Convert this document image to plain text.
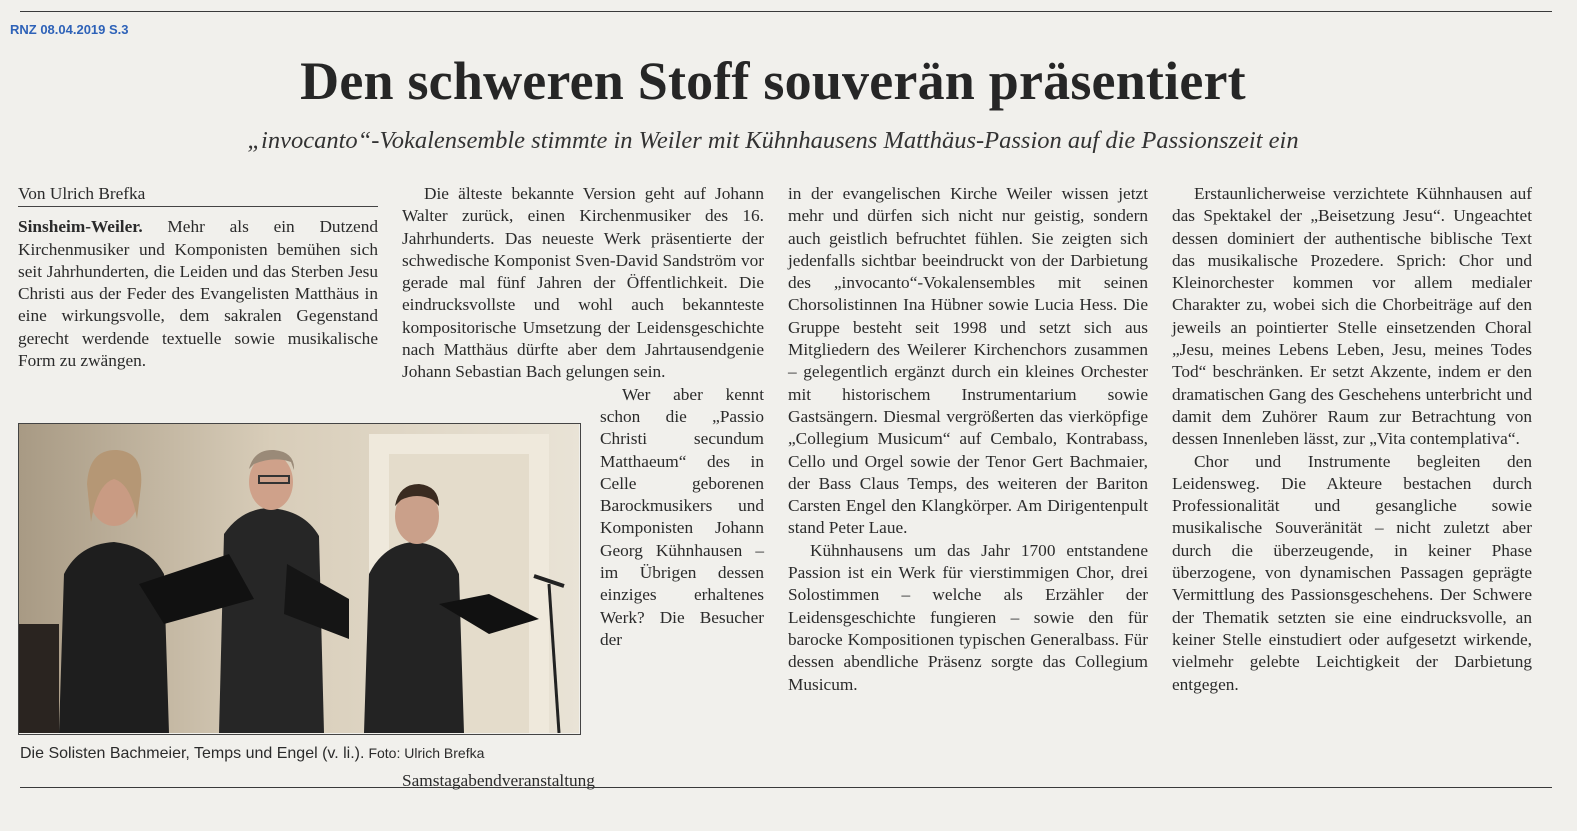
RNZ 08.04.2019 S.3
Den schweren Stoff souverän präsentiert
„invocanto“-Vokalensemble stimmte in Weiler mit Kühnhausens Matthäus-Passion auf die Passionszeit ein
Von Ulrich Brefka

Sinsheim-Weiler. Mehr als ein Dutzend Kirchenmusiker und Komponisten bemühen sich seit Jahrhunderten, die Leiden und das Sterben Jesu Christi aus der Feder des Evangelisten Matthäus in eine wirkungsvolle, dem sakralen Gegenstand gerecht werdende textuelle sowie musikalische Form zu zwängen.

Die älteste bekannte Version geht auf Johann Walter zurück, einen Kirchenmusiker des 16. Jahrhunderts. Das neueste Werk präsentierte der schwedische Komponist Sven-David Sandström vor gerade mal fünf Jahren der Öffentlichkeit. Die eindrucksvollste und wohl auch bekannteste kompositorische Umsetzung der Leidensgeschichte nach Matthäus dürfte aber dem Jahrtausendgenie Johann Sebastian Bach gelungen sein.

Wer aber kennt schon die „Passio Christi secundum Matthaeum“ des in Celle geborenen Barockmusikers und Komponisten Johann Georg Kühnhausen – im Übrigen dessen einziges erhaltenes Werk? Die Besucher der Samstagabendveranstaltung

in der evangelischen Kirche Weiler wissen jetzt mehr und dürfen sich nicht nur geistig, sondern auch geistlich befruchtet fühlen. Sie zeigten sich jedenfalls sichtbar beeindruckt von der Darbietung des „invocanto“-Vokalensembles mit seinen Chorsolistinnen Ina Hübner sowie Lucia Hess. Die Gruppe besteht seit 1998 und setzt sich aus Mitgliedern des Weilerer Kirchenchors zusammen – gelegentlich ergänzt durch ein kleines Orchester mit historischem Instrumentarium sowie Gastsängern. Diesmal vergrößerten das vierköpfige „Collegium Musicum“ auf Cembalo, Kontrabass, Cello und Orgel sowie der Tenor Gert Bachmaier, der Bass Claus Temps, des weiteren der Bariton Carsten Engel den Klangkörper. Am Dirigentenpult stand Peter Laue.

Kühnhausens um das Jahr 1700 entstandene Passion ist ein Werk für vierstimmigen Chor, drei Solostimmen – welche als Erzähler der Leidensgeschichte fungieren – sowie den für barocke Kompositionen typischen Generalbass. Für dessen abendliche Präsenz sorgte das Collegium Musicum.

Erstaunlicherweise verzichtete Kühnhausen auf das Spektakel der „Beisetzung Jesu“. Ungeachtet dessen dominiert der authentische biblische Text das musikalische Prozedere. Sprich: Chor und Kleinorchester kommen vor allem medialer Charakter zu, wobei sich die Chorbeiträge auf den jeweils an pointierter Stelle einsetzenden Choral „Jesu, meines Lebens Leben, Jesu, meines Todes Tod“ beschränken. Er setzt Akzente, indem er den dramatischen Gang des Geschehens unterbricht und damit dem Zuhörer Raum zur Betrachtung von dessen Innenleben lässt, zur „Vita contemplativa“.

Chor und Instrumente begleiten den Leidensweg. Die Akteure bestachen durch Professionalität und gesangliche sowie musikalische Souveränität – nicht zuletzt aber durch die überzeugende, in keiner Phase überzogene, von dynamischen Passagen geprägte Vermittlung des Passionsgeschehens. Der Schwere der Thematik setzten sie eine eindrucksvolle, an keiner Stelle einstudiert oder aufgesetzt wirkende, vielmehr gelebte Leichtigkeit der Darbietung entgegen.

Die Solisten Bachmeier, Temps und Engel (v. li.). Foto: Ulrich Brefka
